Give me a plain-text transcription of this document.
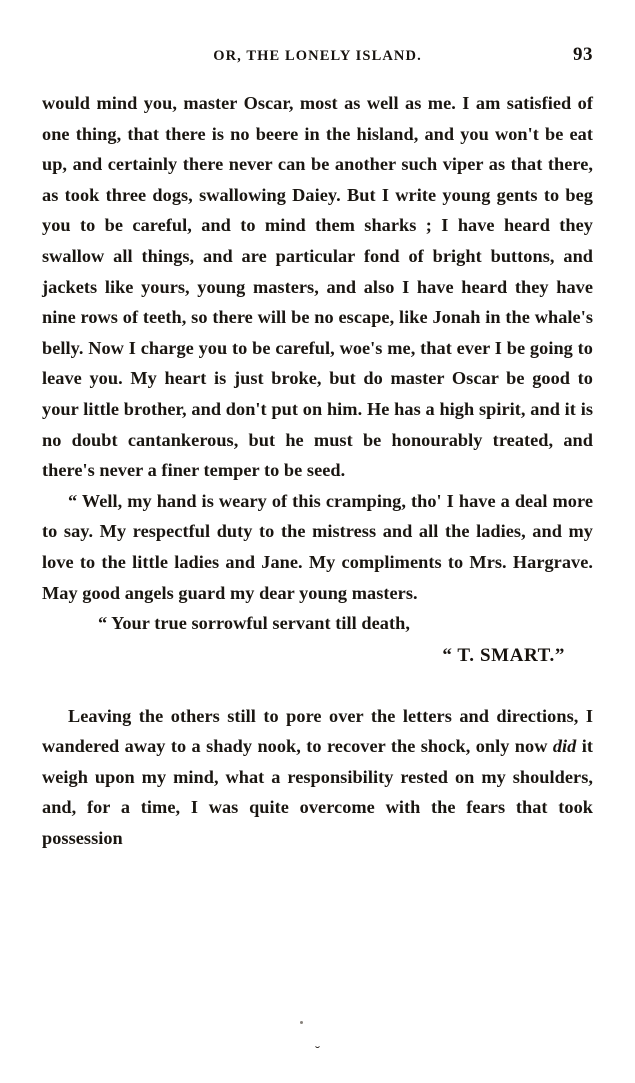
OR, THE LONELY ISLAND.	93

would mind you, master Oscar, most as well as me. I am satisfied of one thing, that there is no beere in the hisland, and you won't be eat up, and certainly there never can be another such viper as that there, as took three dogs, swallowing Daiey. But I write young gents to beg you to be careful, and to mind them sharks ; I have heard they swallow all things, and are particular fond of bright buttons, and jackets like yours, young masters, and also I have heard they have nine rows of teeth, so there will be no escape, like Jonah in the whale's belly. Now I charge you to be careful, woe's me, that ever I be going to leave you. My heart is just broke, but do master Oscar be good to your little brother, and don't put on him. He has a high spirit, and it is no doubt cantankerous, but he must be honourably treated, and there's never a finer temper to be seed.

“ Well, my hand is weary of this cramping, tho' I have a deal more to say. My respectful duty to the mistress and all the ladies, and my love to the little ladies and Jane. My compliments to Mrs. Hargrave. May good angels guard my dear young masters.

“ Your true sorrowful servant till death,

“ T. SMART.”

Leaving the others still to pore over the letters and directions, I wandered away to a shady nook, to recover the shock, only now did it weigh upon my mind, what a responsibility rested on my shoulders, and, for a time, I was quite overcome with the fears that took possession

˘
